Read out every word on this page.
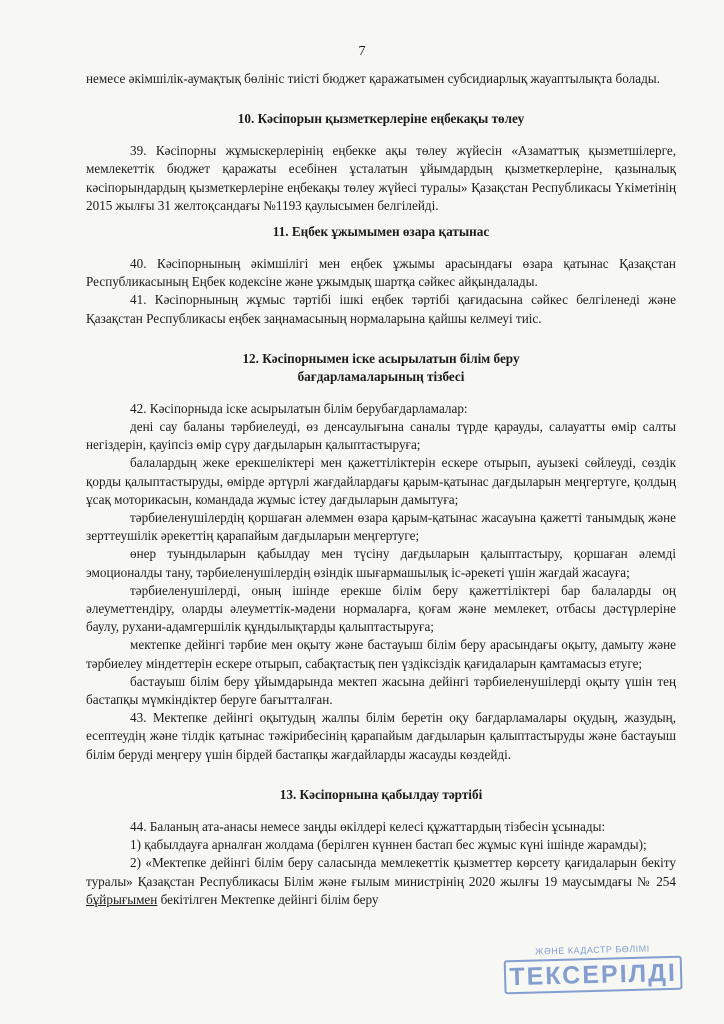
7

немесе әкімшілік-аумақтық бөлініс тиісті бюджет қаражатымен субсидиарлық жауаптылықта болады.

10. Кәсіпорын қызметкерлеріне еңбекақы төлеу

39. Кәсіпорны жұмыскерлерінің еңбекке ақы төлеу жүйесін «Азаматтық қызметшілерге, мемлекеттік бюджет қаражаты есебінен ұсталатын ұйымдардың қызметкерлеріне, қазыналық кәсіпорындардың қызметкерлеріне еңбекақы төлеу жүйесі туралы» Қазақстан Республикасы Үкіметінің 2015 жылғы 31 желтоқсандағы №1193 қаулысымен белгілейді.

11. Еңбек ұжымымен өзара қатынас

40. Кәсіпорнының әкімшілігі мен еңбек ұжымы арасындағы өзара қатынас Қазақстан Республикасының Еңбек кодексіне және ұжымдық шартқа сәйкес айқындалады.

41. Кәсіпорнының жұмыс тәртібі ішкі еңбек тәртібі қағидасына сәйкес белгіленеді және Қазақстан Республикасы еңбек заңнамасының нормаларына қайшы келмеуі тиіс.

12. Кәсіпорнымен іске асырылатын білім беру
бағдарламаларының тізбесі

42. Кәсіпорныда іске асырылатын білім берубағдарламалар:

дені сау баланы тәрбиелеуді, өз денсаулығына саналы түрде қарауды, салауатты өмір салты негіздерін, қауіпсіз өмір сүру дағдыларын қалыптастыруға;

балалардың жеке ерекшеліктері мен қажеттіліктерін ескере отырып, ауызекі сөйлеуді, сөздік қорды қалыптастыруды, өмірде әртүрлі жағдайлардағы қарым-қатынас дағдыларын меңгертуге, қолдың ұсақ моторикасын, командада жұмыс істеу дағдыларын дамытуға;

тәрбиеленушілердің қоршаған әлеммен өзара қарым-қатынас жасауына қажетті танымдық және зерттеушілік әрекеттің қарапайым дағдыларын меңгертуге;

өнер туындыларын қабылдау мен түсіну дағдыларын қалыптастыру, қоршаған әлемді эмоционалды тану, тәрбиеленушілердің өзіндік шығармашылық іс-әрекеті үшін жағдай жасауға;

тәрбиеленушілерді, оның ішінде ерекше білім беру қажеттіліктері бар балаларды оң әлеуметтендіру, оларды әлеуметтік-мәдени нормаларға, қоғам және мемлекет, отбасы дәстүрлеріне баулу, рухани-адамгершілік құндылықтарды қалыптастыруға;

мектепке дейінгі тәрбие мен оқыту және бастауыш білім беру арасындағы оқыту, дамыту және тәрбиелеу міндеттерін ескере отырып, сабақтастық пен үздіксіздік қағидаларын қамтамасыз етуге;

бастауыш білім беру ұйымдарында мектеп жасына дейінгі тәрбиеленушілерді оқыту үшін тең бастапқы мүмкіндіктер беруге бағытталған.

43. Мектепке дейінгі оқытудың жалпы білім беретін оқу бағдарламалары оқудың, жазудың, есептеудің және тілдік қатынас тәжірибесінің қарапайым дағдыларын қалыптастыруды және бастауыш білім беруді меңгеру үшін бірдей бастапқы жағдайларды жасауды көздейді.

13. Кәсіпорнына қабылдау тәртібі

44. Баланың ата-анасы немесе заңды өкілдері келесі құжаттардың тізбесін ұсынады:

1) қабылдауға арналған жолдама (берілген күннен бастап бес жұмыс күні ішінде жарамды);

2) «Мектепке дейінгі білім беру саласында мемлекеттік қызметтер көрсету қағидаларын бекіту туралы» Қазақстан Республикасы Білім және ғылым министрінің 2020 жылғы 19 маусымдағы № 254 бұйрығымен бекітілген Мектепке дейінгі білім беру

ЖӘНЕ КАДАСТР БӨЛІМІ
ТЕКСЕРІЛДІ
